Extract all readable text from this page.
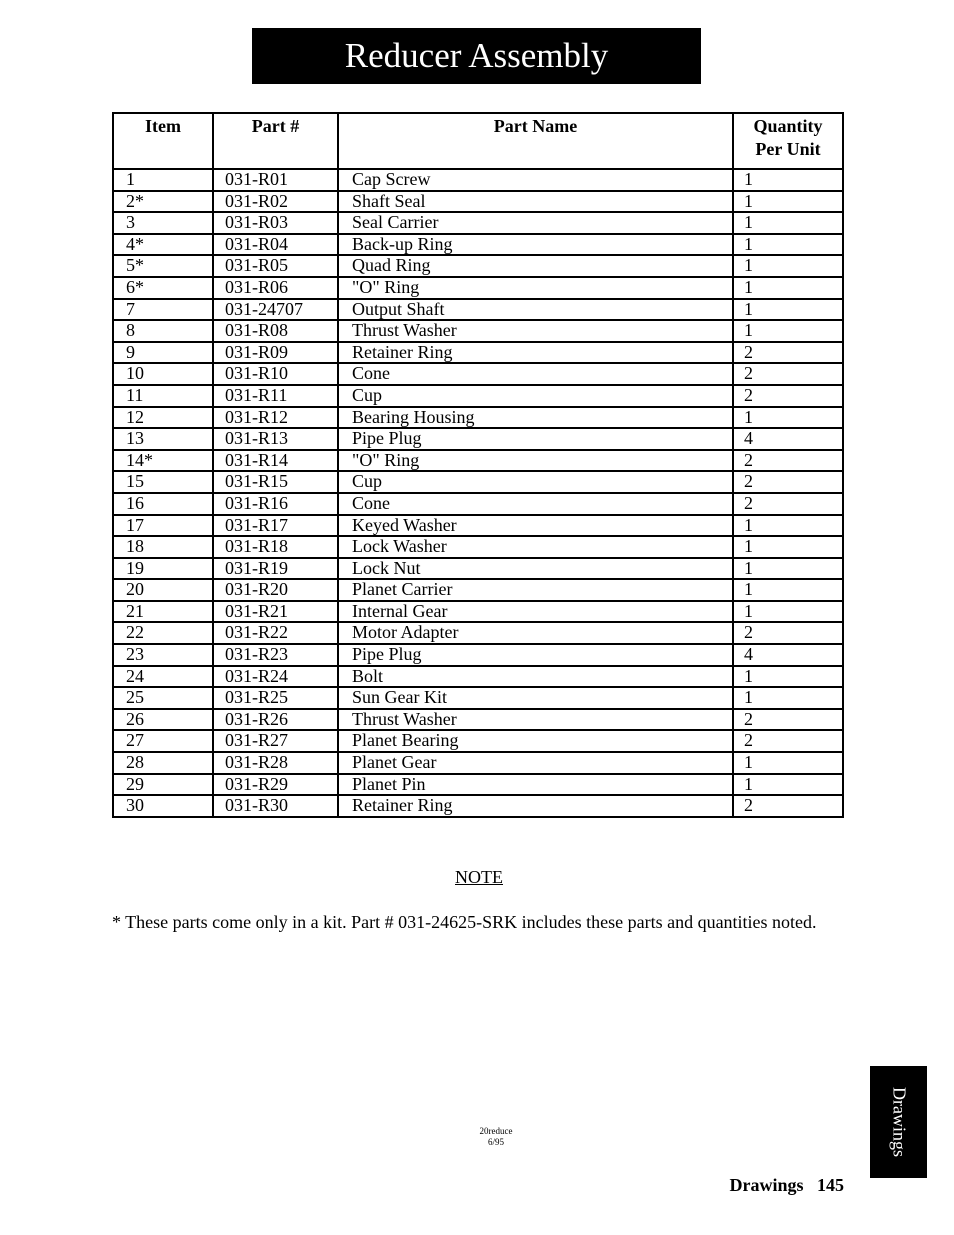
Reducer Assembly
Item	Part #	Part Name	Quantity
Per Unit
1	031-R01	Cap Screw	1
2*	031-R02	Shaft Seal	1
3	031-R03	Seal Carrier	1
4*	031-R04	Back-up Ring	1
5*	031-R05	Quad Ring	1
6*	031-R06	"O" Ring	1
7	031-24707	Output Shaft	1
8	031-R08	Thrust Washer	1
9	031-R09	Retainer Ring	2
10	031-R10	Cone	2
11	031-R11	Cup	2
12	031-R12	Bearing Housing	1
13	031-R13	Pipe Plug	4
14*	031-R14	"O" Ring	2
15	031-R15	Cup	2
16	031-R16	Cone	2
17	031-R17	Keyed Washer	1
18	031-R18	Lock Washer	1
19	031-R19	Lock Nut	1
20	031-R20	Planet Carrier	1
21	031-R21	Internal Gear	1
22	031-R22	Motor Adapter	2
23	031-R23	Pipe Plug	4
24	031-R24	Bolt	1
25	031-R25	Sun Gear Kit	1
26	031-R26	Thrust Washer	2
27	031-R27	Planet Bearing	2
28	031-R28	Planet Gear	1
29	031-R29	Planet Pin	1
30	031-R30	Retainer Ring	2
NOTE
* These parts come only in a kit. Part # 031-24625-SRK includes these parts and quantities noted.
20reduce
6/95	Drawings
Drawings 145
